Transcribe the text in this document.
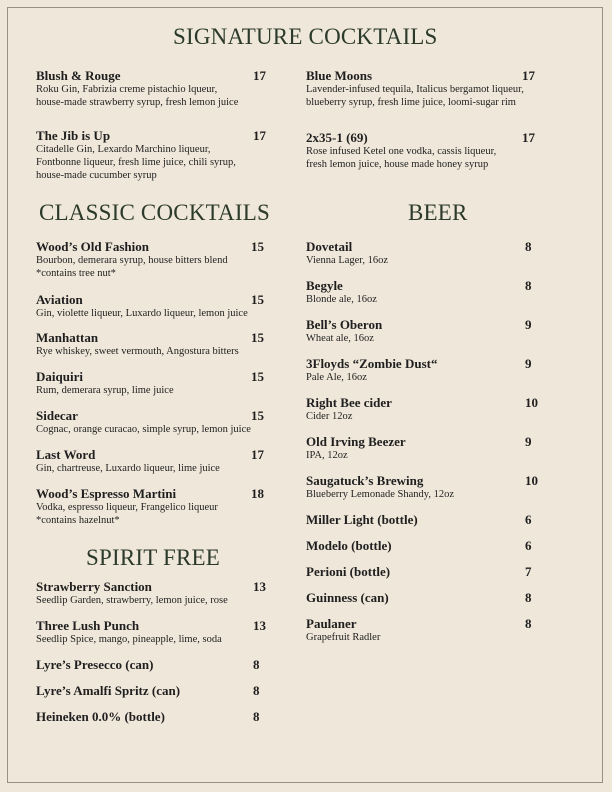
SIGNATURE COCKTAILS
CLASSIC COCKTAILS	BEER
SPIRIT FREE
Blush & Rouge	17
Roku Gin, Fabrizia creme pistachio lqueur,
house-made strawberry syrup, fresh lemon juice
The Jib is Up	17
Citadelle Gin, Lexardo Marchino liqueur,
Fontbonne liqueur, fresh lime juice, chili syrup,
house-made cucumber syrup
Blue Moons	17
Lavender-infused tequila, Italicus bergamot liqueur,
blueberry syrup, fresh lime juice, loomi-sugar rim
2x35-1 (69)	17
Rose infused Ketel one vodka, cassis liqueur,
fresh lemon juice, house made honey syrup
Wood’s Old Fashion	15
Bourbon, demerara syrup, house bitters blend
*contains tree nut*
Aviation	15
Gin, violette liqueur, Luxardo liqueur, lemon juice
Manhattan	15
Rye whiskey, sweet vermouth, Angostura bitters
Daiquiri	15
Rum, demerara syrup, lime juice
Sidecar	15
Cognac, orange curacao, simple syrup, lemon juice
Last Word	17
Gin, chartreuse, Luxardo liqueur, lime juice
Wood’s Espresso Martini	18
Vodka, espresso liqueur, Frangelico liqueur
*contains hazelnut*
Strawberry Sanction	13
Seedlip Garden, strawberry, lemon juice, rose
Three Lush Punch	13
Seedlip Spice, mango, pineapple, lime, soda
Lyre’s Presecco (can)	8
Lyre’s Amalfi Spritz (can)	8
Heineken 0.0% (bottle)	8
Dovetail	8
Vienna Lager, 16oz
Begyle	8
Blonde ale, 16oz
Bell’s Oberon	9
Wheat ale, 16oz
3Floyds “Zombie Dust“	9
Pale Ale, 16oz
Right Bee cider	10
Cider 12oz
Old Irving Beezer	9
IPA, 12oz
Saugatuck’s Brewing	10
Blueberry Lemonade Shandy, 12oz
Miller Light (bottle)	6
Modelo (bottle)	6
Perioni (bottle)	7
Guinness (can)	8
Paulaner	8
Grapefruit Radler
